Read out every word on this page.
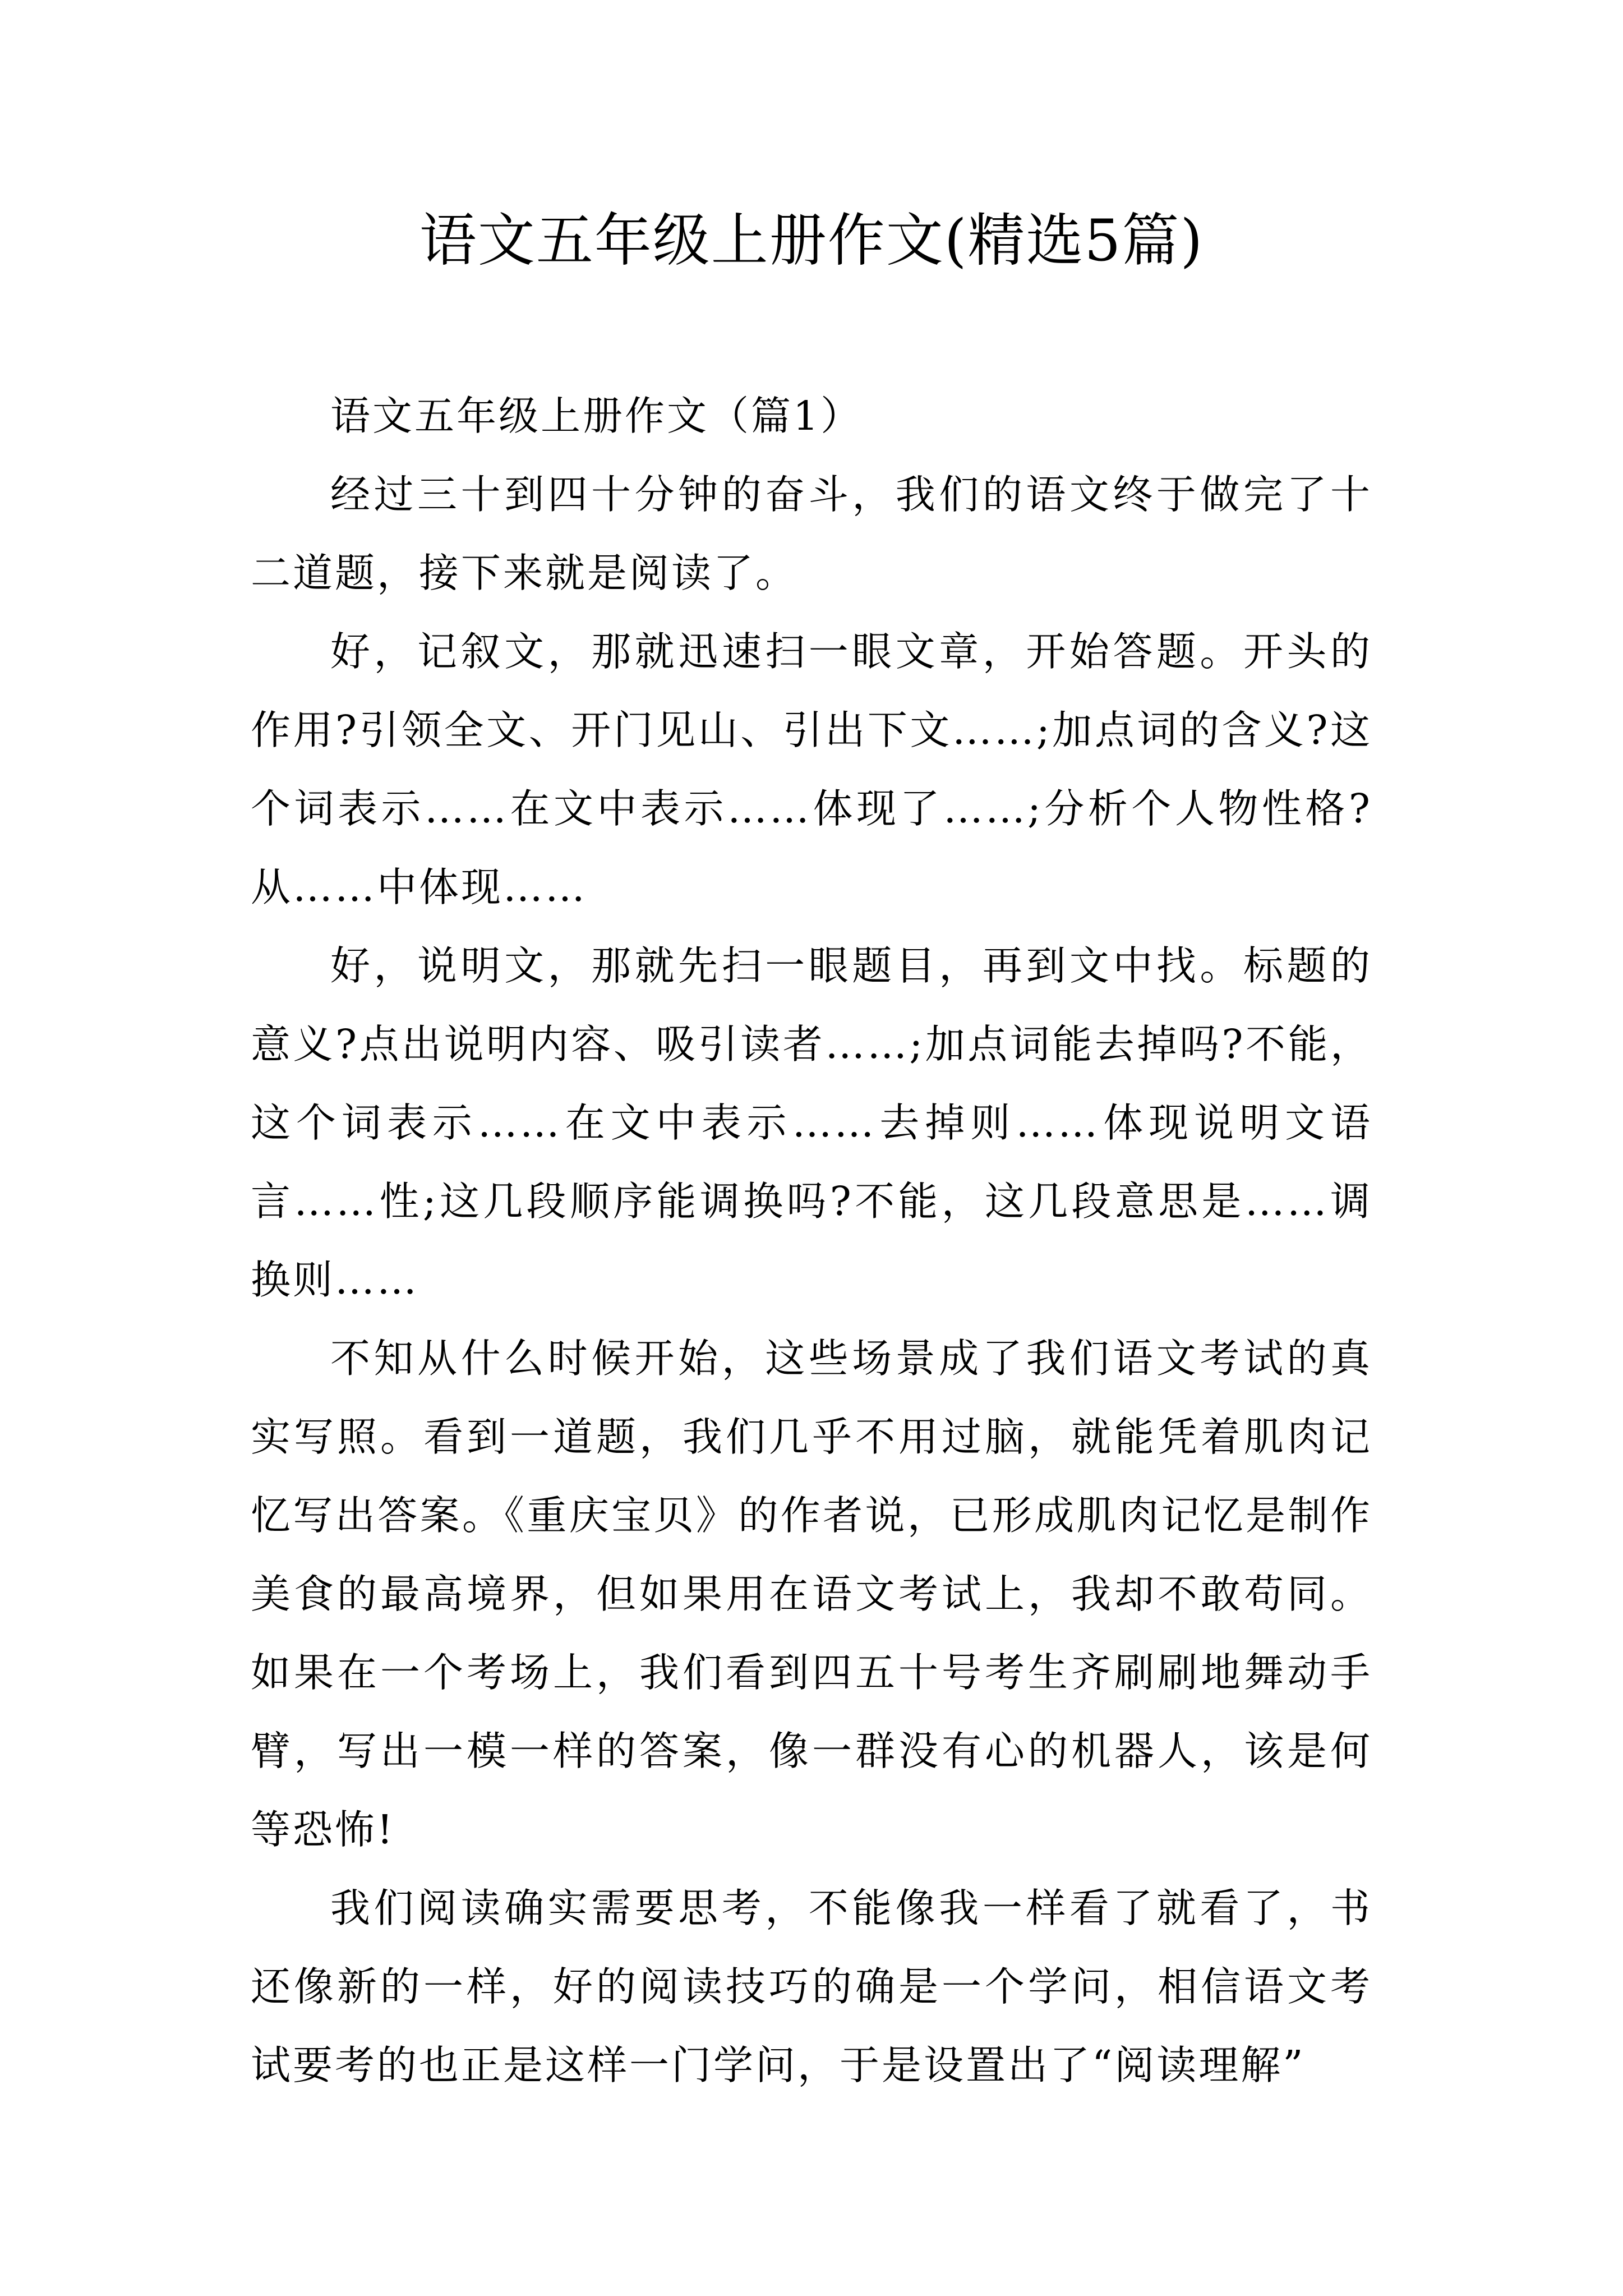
语文五年级上册作文(精选5篇)

语文五年级上册作文（篇1）

经过三十到四十分钟的奋斗，我们的语文终于做完了十二道题，接下来就是阅读了。

好，记叙文，那就迅速扫一眼文章，开始答题。开头的作用?引领全文、开门见山、引出下文……;加点词的含义?这个词表示……在文中表示……体现了……;分析个人物性格?从……中体现……

好，说明文，那就先扫一眼题目，再到文中找。标题的意义?点出说明内容、吸引读者……;加点词能去掉吗?不能，这个词表示……在文中表示……去掉则……体现说明文语言……性;这几段顺序能调换吗?不能，这几段意思是……调换则……

不知从什么时候开始，这些场景成了我们语文考试的真实写照。看到一道题，我们几乎不用过脑，就能凭着肌肉记忆写出答案。《重庆宝贝》的作者说，已形成肌肉记忆是制作美食的最高境界，但如果用在语文考试上，我却不敢苟同。如果在一个考场上，我们看到四五十号考生齐刷刷地舞动手臂，写出一模一样的答案，像一群没有心的机器人，该是何等恐怖!

我们阅读确实需要思考，不能像我一样看了就看了，书还像新的一样，好的阅读技巧的确是一个学问，相信语文考试要考的也正是这样一门学问，于是设置出了“阅读理解”
